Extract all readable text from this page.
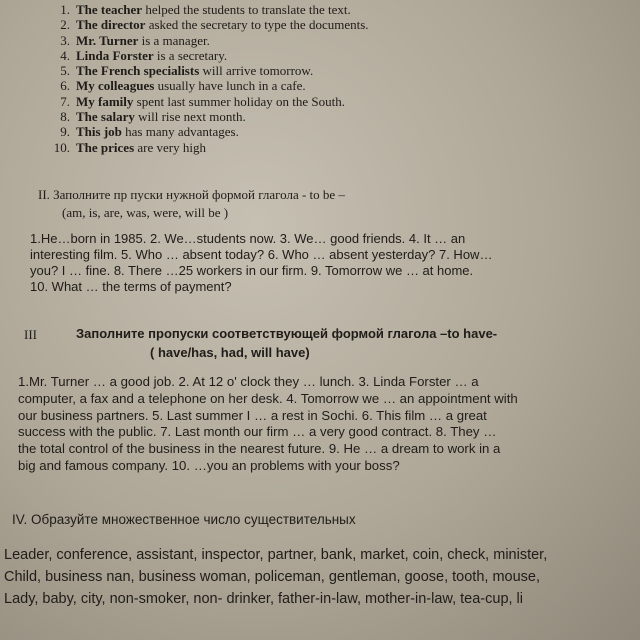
1. The teacher helped the students to translate the text.
2. The director asked the secretary to type the documents.
3. Mr. Turner is a manager.
4. Linda Forster is a secretary.
5. The French specialists will arrive tomorrow.
6. My colleagues usually have lunch in a cafe.
7. My family spent last summer holiday on the South.
8. The salary will rise next month.
9. This job has many advantages.
10. The prices are very high
II. Заполните пр пуски нужной формой глагола - to be –
(am, is, are, was, were, will be )
1.He…born in 1985. 2. We…students now. 3. We… good friends. 4. It … an
interesting film. 5. Who … absent today? 6. Who … absent yesterday? 7. How…
you? I … fine. 8. There …25 workers in our firm. 9. Tomorrow we … at home.
10. What … the terms of payment?
III	Заполните пропуски соответствующей формой глагола –to have-
( have/has, had, will have)
1.Mr. Turner … a good job. 2. At 12 o' clock they … lunch. 3. Linda Forster … a
computer, a fax and a telephone on her desk. 4. Tomorrow we … an appointment with
our business partners. 5. Last summer I … a rest in Sochi. 6. This film … a great
success with the public. 7. Last month our firm … a very good contract. 8. They …
the total control of the business in the nearest future. 9. He … a dream to work in a
big and famous company. 10. …you an problems with your boss?
IV. Образуйте множественное число существительных
Leader, conference, assistant, inspector, partner, bank, market, coin, check, minister,
Child, business nan, business woman, policeman, gentleman, goose, tooth, mouse,
Lady, baby, city, non-smoker, non- drinker, father-in-law, mother-in-law, tea-cup, li
